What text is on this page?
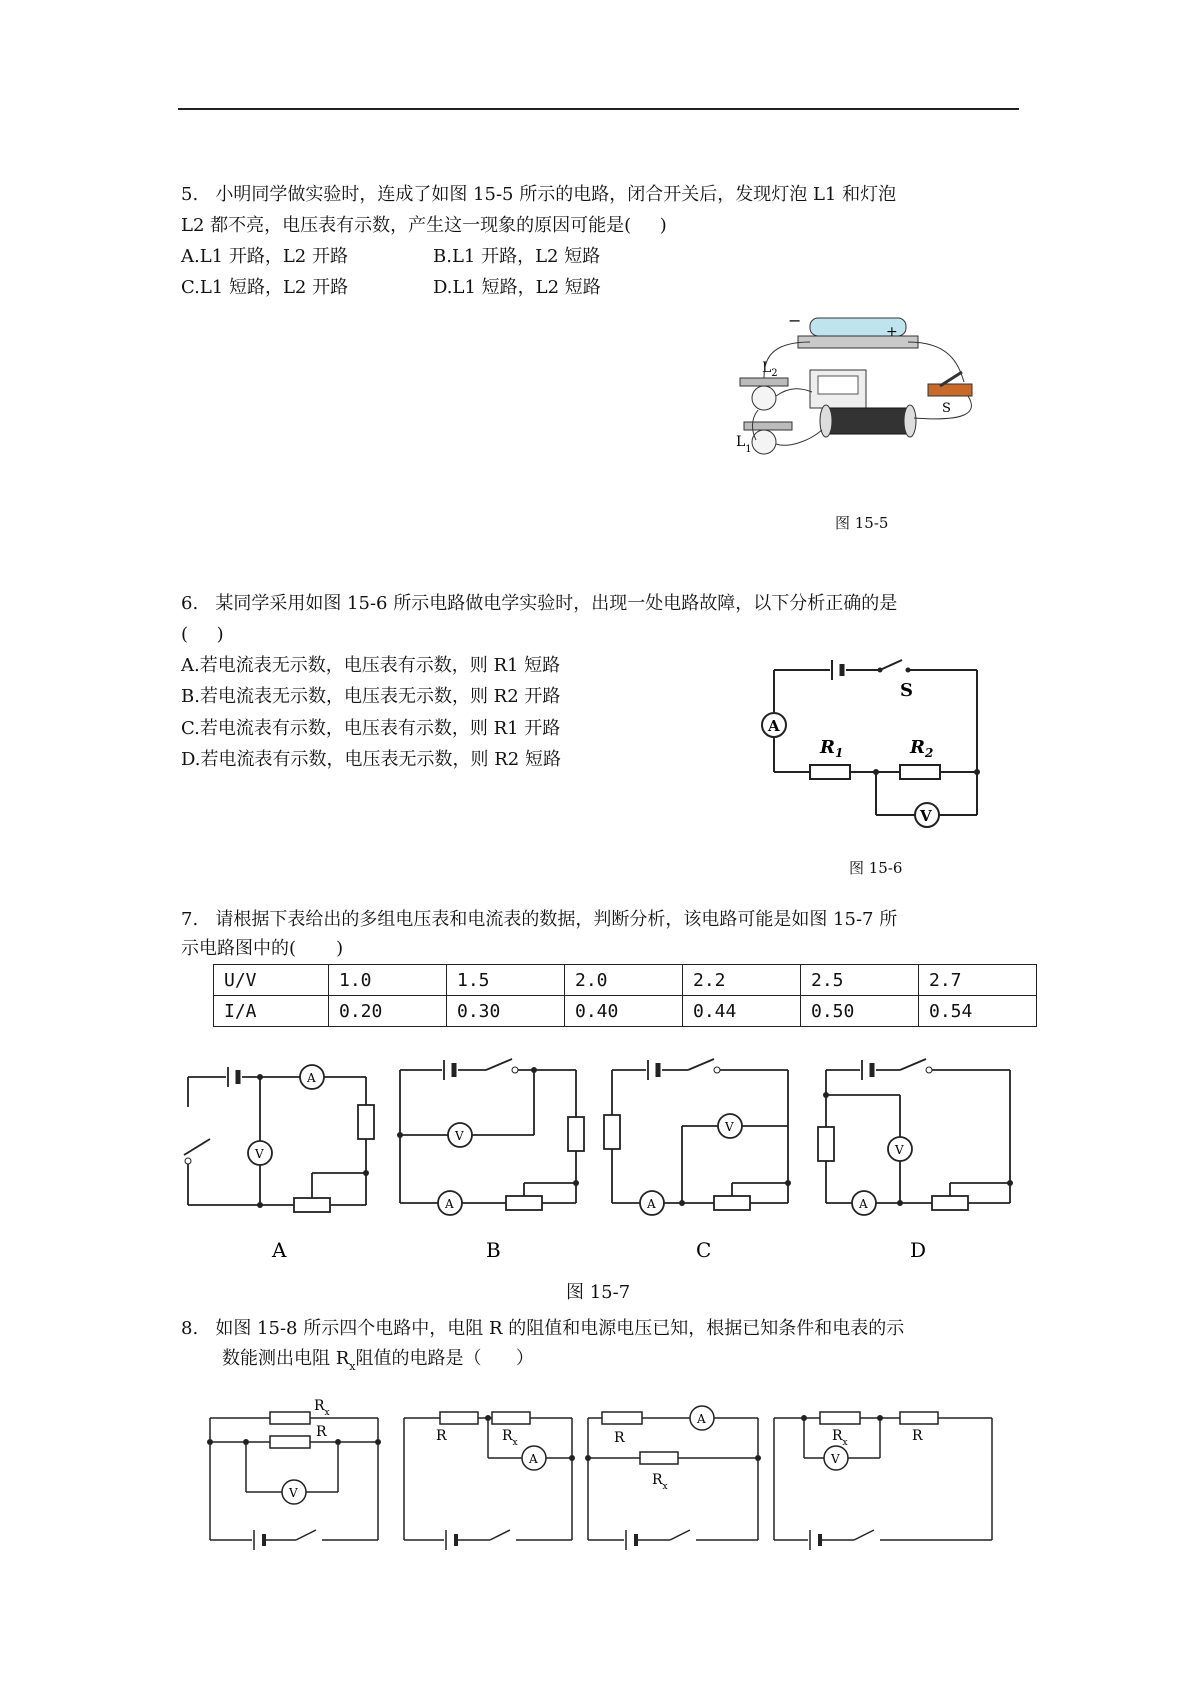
5.   小明同学做实验时，连成了如图 15-5 所示的电路，闭合开关后，发现灯泡 L1 和灯泡
L2 都不亮，电压表有示数，产生这一现象的原因可能是(     )
A.L1 开路，L2 开路	B.L1 开路，L2 短路
C.L1 短路，L2 开路	D.L1 短路，L2 短路
−
+
S
$L_2$
$L_1$
图 15-5
6.   某同学采用如图 15-6 所示电路做电学实验时，出现一处电路故障，以下分析正确的是
(     )
A.若电流表无示数，电压表有示数，则 R1 短路
B.若电流表无示数，电压表无示数，则 R2 开路
C.若电流表有示数，电压表有示数，则 R1 开路
D.若电流表有示数，电压表无示数，则 R2 短路
S
A
V
$R_1$	$R_2$
图 15-6
7.   请根据下表给出的多组电压表和电流表的数据，判断分析，该电路可能是如图 15-7 所
示电路图中的(       )
U/V	1.0	1.5	2.0	2.2	2.5	2.7
I/A	0.20	0.30	0.40	0.44	0.50	0.54
A
V
A
V
A
B
A
V
C
A
V
D
图 15-7
8.   如图 15-8 所示四个电路中，电阻 R 的阻值和电源电压已知，根据已知条件和电表的示
数能测出电阻 $R_x$阻值的电路是（      ）
$R_x$
R
V
R	$R_x$
A
R
$R_x$
A
$R_x$	R
V
